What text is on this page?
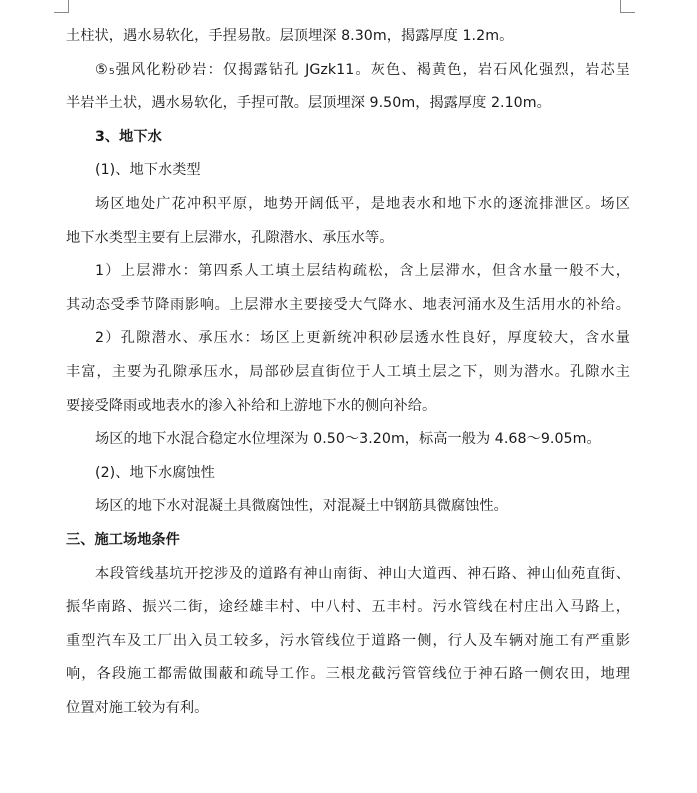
土柱状，遇水易软化，手捏易散。层顶埋深 8.30m，揭露厚度 1.2m。
⑤₅强风化粉砂岩：仅揭露钻孔 JGzk11。灰色、褐黄色，岩石风化强烈，岩芯呈
半岩半土状，遇水易软化，手捏可散。层顶埋深 9.50m，揭露厚度 2.10m。
3、地下水
(1)、地下水类型
场区地处广花冲积平原，地势开阔低平，是地表水和地下水的逐流排泄区。场区
地下水类型主要有上层滞水，孔隙潜水、承压水等。
1）上层滞水：第四系人工填土层结构疏松，含上层滞水，但含水量一般不大，
其动态受季节降雨影响。上层滞水主要接受大气降水、地表河涌水及生活用水的补给。
2）孔隙潜水、承压水：场区上更新统冲积砂层透水性良好，厚度较大，含水量
丰富，主要为孔隙承压水，局部砂层直街位于人工填土层之下，则为潜水。孔隙水主
要接受降雨或地表水的渗入补给和上游地下水的侧向补给。
场区的地下水混合稳定水位埋深为 0.50～3.20m，标高一般为 4.68～9.05m。
(2)、地下水腐蚀性
场区的地下水对混凝土具微腐蚀性，对混凝土中钢筋具微腐蚀性。
三、施工场地条件
本段管线基坑开挖涉及的道路有神山南街、神山大道西、神石路、神山仙苑直街、
振华南路、振兴二街，途经雄丰村、中八村、五丰村。污水管线在村庄出入马路上，
重型汽车及工厂出入员工较多，污水管线位于道路一侧，行人及车辆对施工有严重影
响，各段施工都需做围蔽和疏导工作。三根龙截污管管线位于神石路一侧农田，地理
位置对施工较为有利。
